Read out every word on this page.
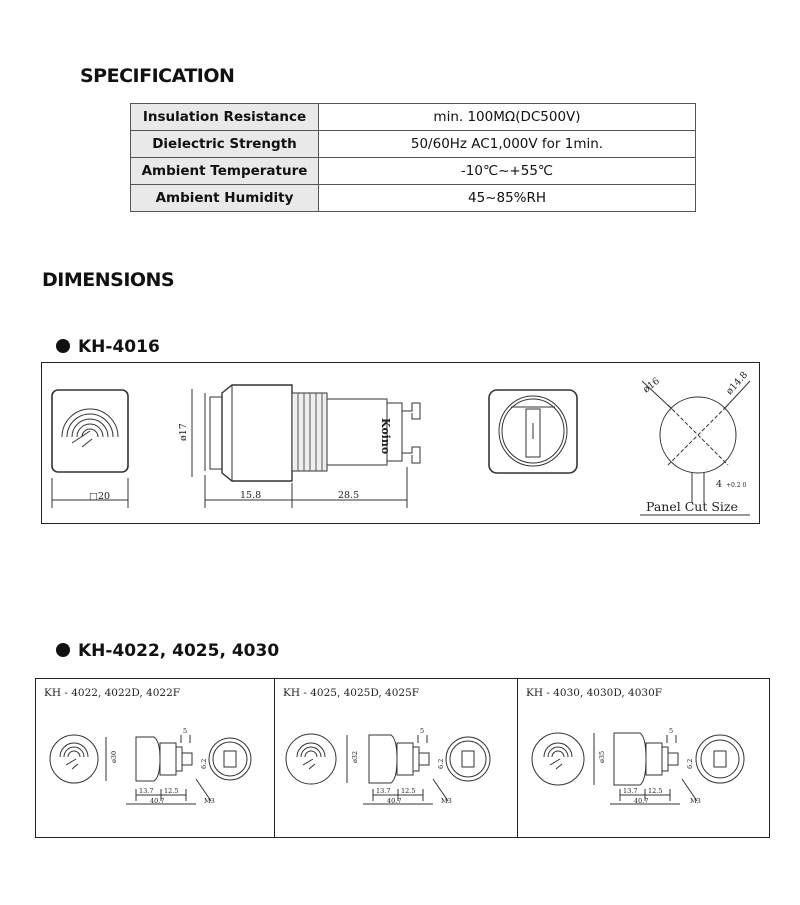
SPECIFICATION
Insulation Resistance	min. 100MΩ(DC500V)
Dielectric Strength	50/60Hz AC1,000V for 1min.
Ambient Temperature	-10℃~+55℃
Ambient Humidity	45~85%RH
DIMENSIONS
KH-4016
□20
ø17
15.8	28.5
Koino
ø16	ø14.8
4 +0.2 0
Panel Cut Size
KH-4022, 4025, 4030
KH - 4022, 4022D, 4022F
ø30
5
13.7 12.5
40.7
6.2
M3
KH - 4025, 4025D, 4025F
ø32
5
13.7 12.5
40.7
6.2
M3
KH - 4030, 4030D, 4030F
ø35
5
13.7 12.5
40.7
6.2
M3
